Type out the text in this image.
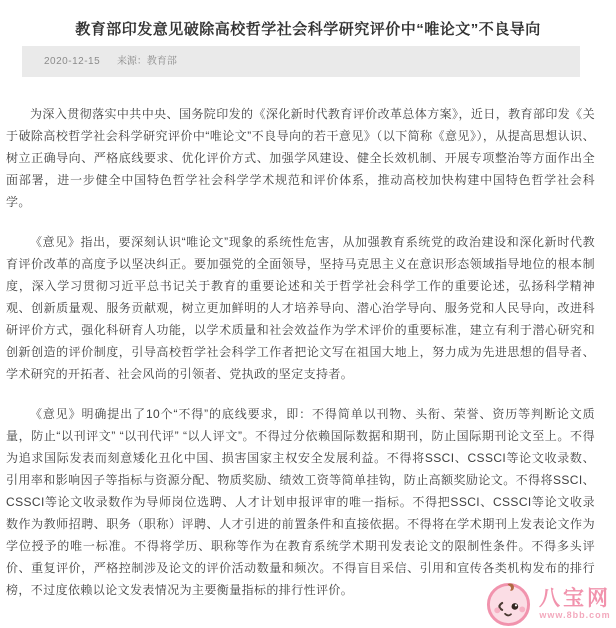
教育部印发意见破除高校哲学社会科学研究评价中“唯论文”不良导向
2020-12-15 来源：教育部

为深入贯彻落实中共中央、国务院印发的《深化新时代教育评价改革总体方案》，近日，教育部印发《关于破除高校哲学社会科学研究评价中“唯论文”不良导向的若干意见》（以下简称《意见》），从提高思想认识、树立正确导向、严格底线要求、优化评价方式、加强学风建设、健全长效机制、开展专项整治等方面作出全面部署，进一步健全中国特色哲学社会科学学术规范和评价体系，推动高校加快构建中国特色哲学社会科学。

《意见》指出，要深刻认识“唯论文”现象的系统性危害，从加强教育系统党的政治建设和深化新时代教育评价改革的高度予以坚决纠正。要加强党的全面领导，坚持马克思主义在意识形态领域指导地位的根本制度，深入学习贯彻习近平总书记关于教育的重要论述和关于哲学社会科学工作的重要论述，弘扬科学精神观、创新质量观、服务贡献观，树立更加鲜明的人才培养导向、潜心治学导向、服务党和人民导向，改进科研评价方式，强化科研育人功能，以学术质量和社会效益作为学术评价的重要标准，建立有利于潜心研究和创新创造的评价制度，引导高校哲学社会科学工作者把论文写在祖国大地上，努力成为先进思想的倡导者、学术研究的开拓者、社会风尚的引领者、党执政的坚定支持者。

《意见》明确提出了10个“不得”的底线要求，即：不得简单以刊物、头衔、荣誉、资历等判断论文质量，防止“以刊评文” “以刊代评” “以人评文”。不得过分依赖国际数据和期刊，防止国际期刊论文至上。不得为追求国际发表而刻意矮化丑化中国、损害国家主权安全发展利益。不得将SSCI、CSSCI等论文收录数、引用率和影响因子等指标与资源分配、物质奖励、绩效工资等简单挂钩，防止高额奖励论文。不得将SSCI、CSSCI等论文收录数作为导师岗位选聘、人才计划申报评审的唯一指标。不得把SSCI、CSSCI等论文收录数作为教师招聘、职务（职称）评聘、人才引进的前置条件和直接依据。不得将在学术期刊上发表论文作为学位授予的唯一标准。不得将学历、职称等作为在教育系统学术期刊发表论文的限制性条件。不得多头评价、重复评价，严格控制涉及论文的评价活动数量和频次。不得盲目采信、引用和宣传各类机构发布的排行榜，不过度依赖以论文发表情况为主要衡量指标的排行性评价。	八宝网
www.8bb.com
